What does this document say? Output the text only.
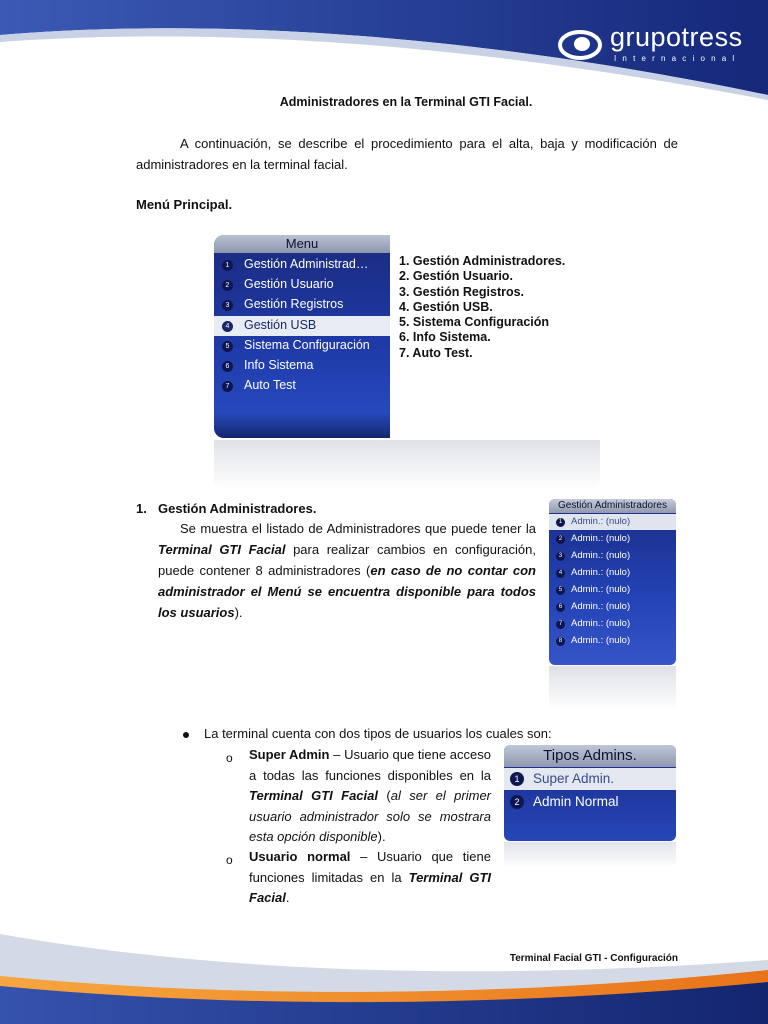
grupotress
Internacional
Administradores en la Terminal GTI Facial.

A continuación, se describe el procedimiento para el alta, baja y modificación de administradores en la terminal facial.

Menú Principal.
Menu
1 Gestión Administrad…
2 Gestión Usuario
3 Gestión Registros
4 Gestión USB
5 Sistema Configuración
6 Info Sistema
7 Auto Test
1. Gestión Administradores.
2. Gestión Usuario.
3. Gestión Registros.
4. Gestión USB.
5. Sistema Configuración
6. Info Sistema.
7. Auto Test.
1. Gestión Administradores.

Se muestra el listado de Administradores que puede tener la Terminal GTI Facial para realizar cambios en configuración, puede contener 8 administradores (en caso de no contar con administrador el Menú se encuentra disponible para todos los usuarios).

Gestión Administradores
1 Admin.: (nulo)
2 Admin.: (nulo)
3 Admin.: (nulo)
4 Admin.: (nulo)
5 Admin.: (nulo)
6 Admin.: (nulo)
7 Admin.: (nulo)
8 Admin.: (nulo)
La terminal cuenta con dos tipos de usuarios los cuales son:
o Super Admin – Usuario que tiene acceso a todas las funciones disponibles en la Terminal GTI Facial (al ser el primer usuario administrador solo se mostrara esta opción disponible).

o Usuario normal – Usuario que tiene funciones limitadas en la Terminal GTI Facial.

Tipos Admins.
1	Super Admin.
2	Admin Normal
Terminal Facial GTI - Configuración
